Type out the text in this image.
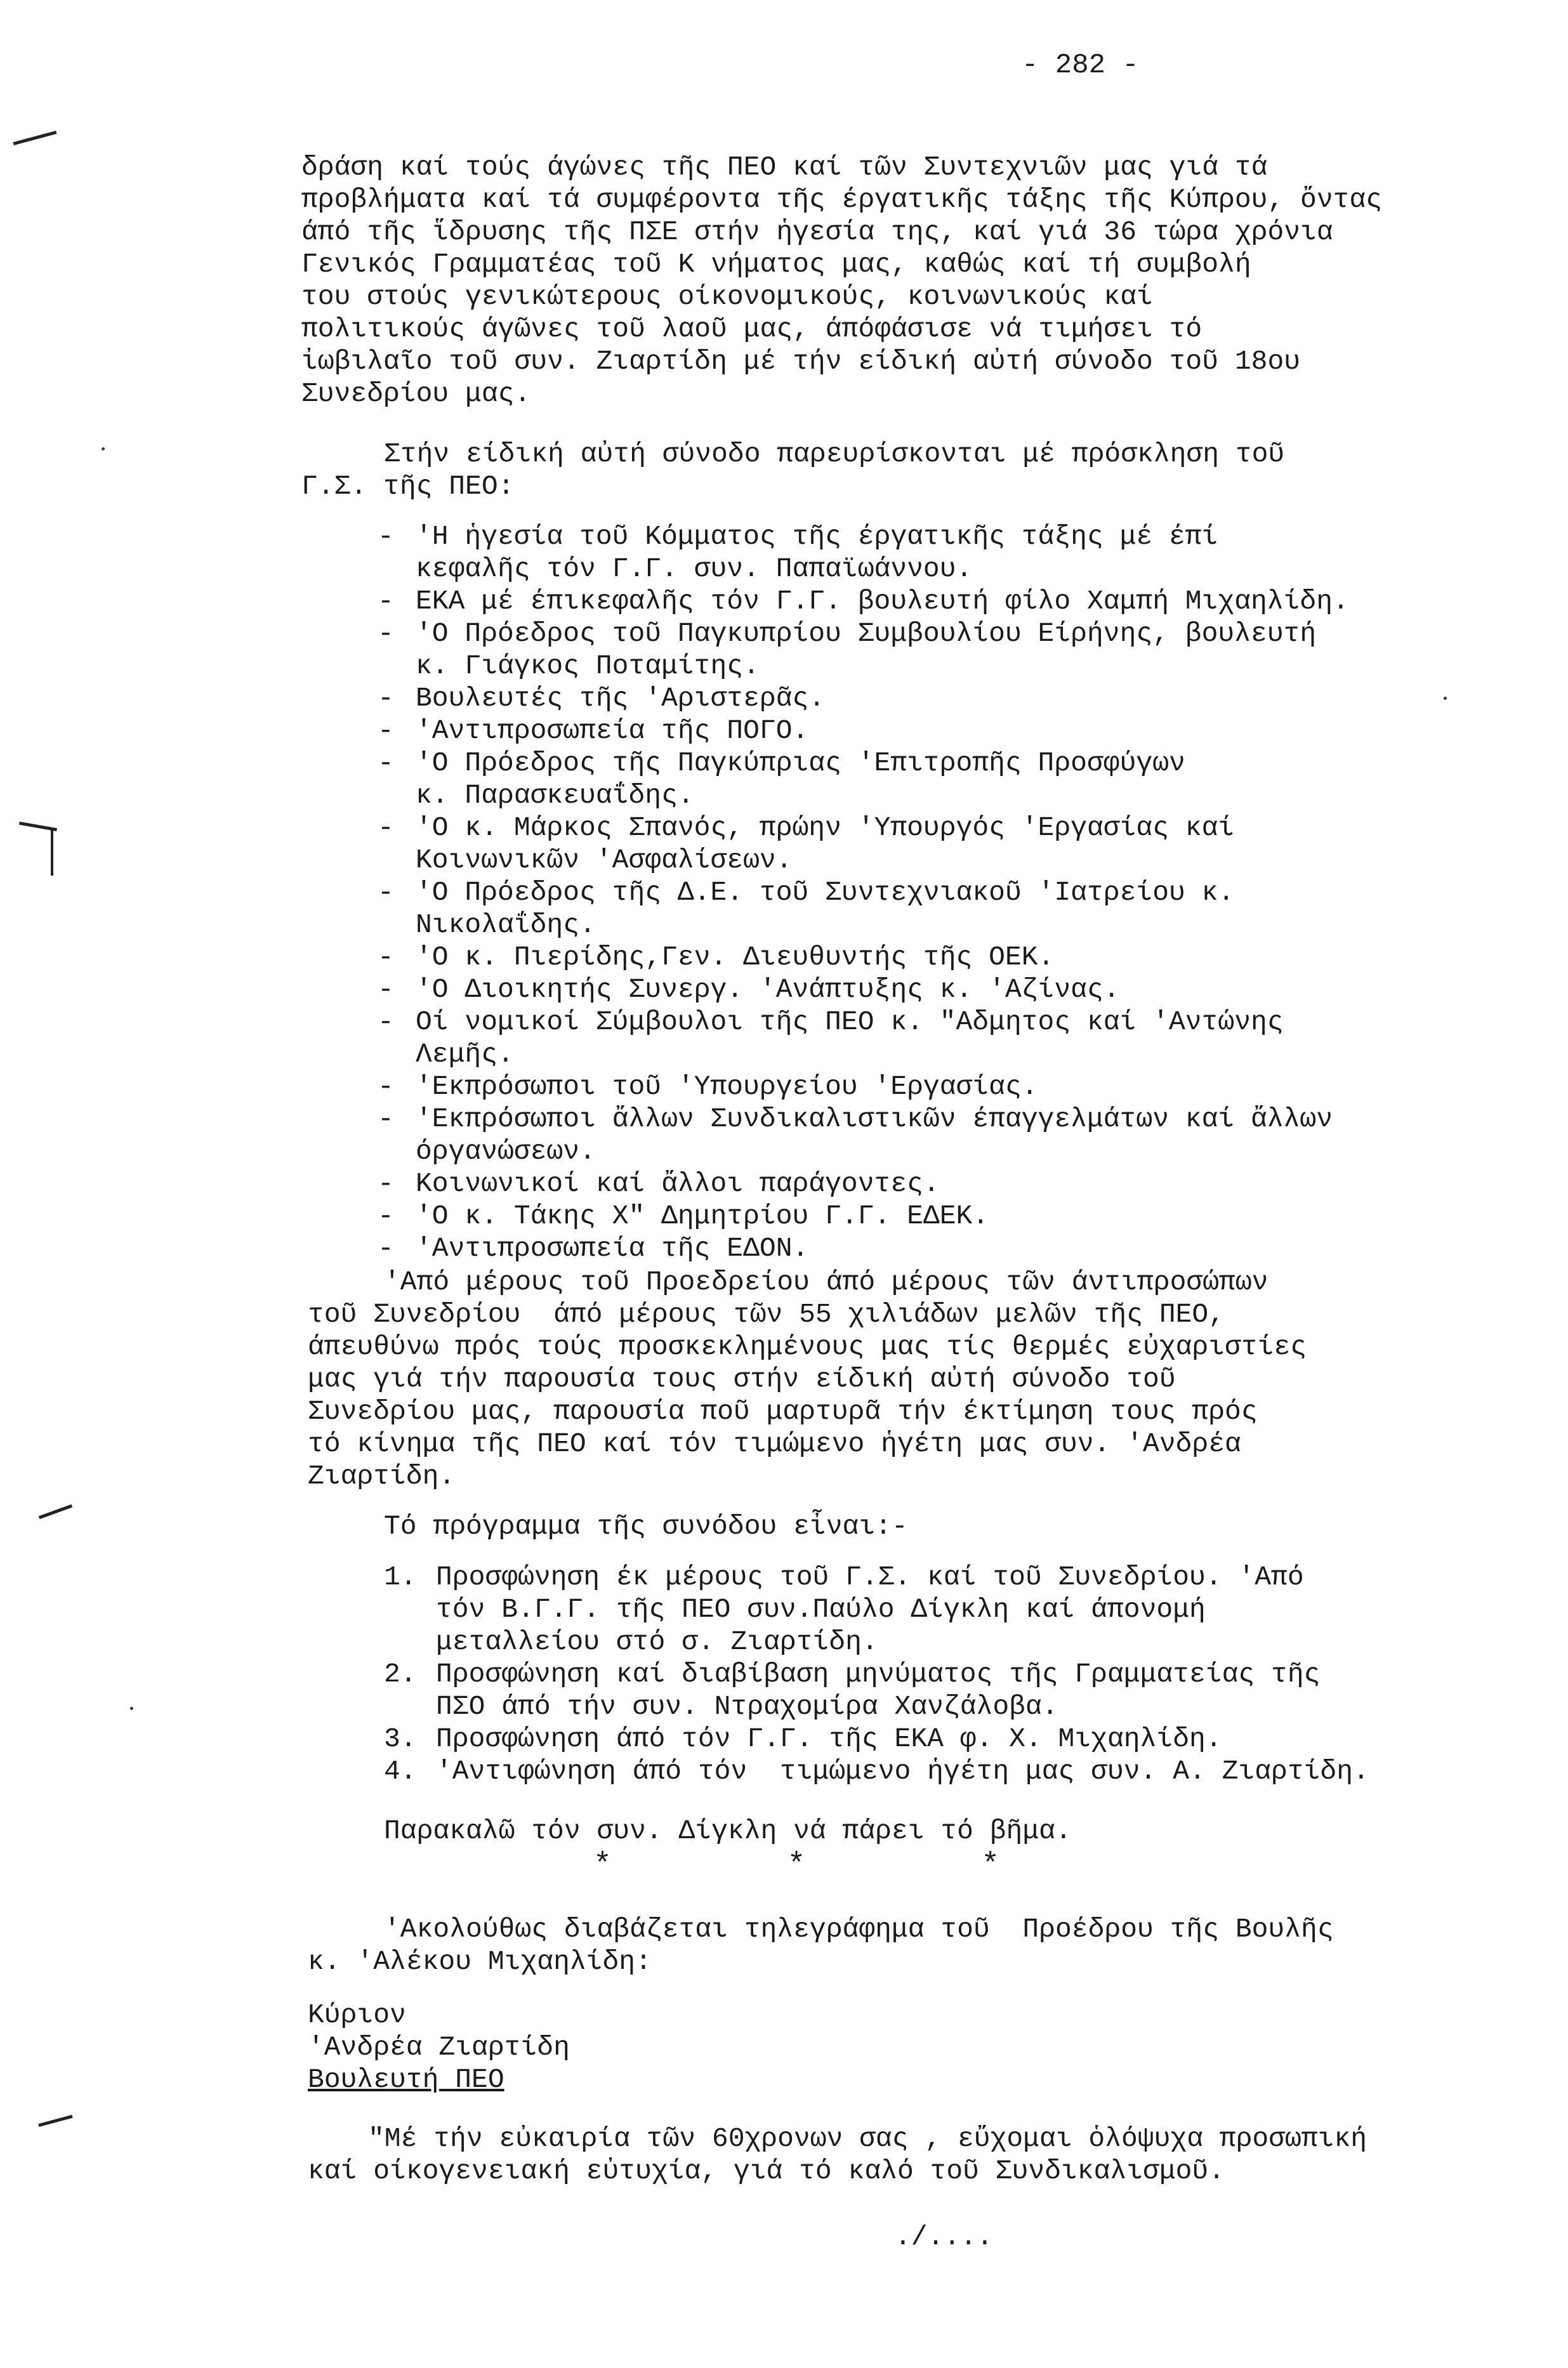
- 282 -
δράση καί τούς άγώνες τῆς ΠΕΟ καί τῶν Συντεχνιῶν μας γιά τά
προβλήματα καί τά συμφέροντα τῆς έργατικῆς τάξης τῆς Κύπρου, ὄντας
άπό τῆς ἵδρυσης τῆς ΠΣΕ στήν ἡγεσία της, καί γιά 36 τώρα χρόνια
Γενικός Γραμματέας τοῦ Κ νήματος μας, καθώς καί τή συμβολή
του στούς γενικώτερους οίκονομικούς, κοινωνικούς καί
πολιτικούς άγῶνες τοῦ λαοῦ μας, άπόφάσισε νά τιμήσει τό
ἰωβιλαῖο τοῦ συν. Ζιαρτίδη μέ τήν είδική αὐτή σύνοδο τοῦ 18ου
Συνεδρίου μας.
Στήν είδική αὐτή σύνοδο παρευρίσκονται μέ πρόσκληση τοῦ
Γ.Σ. τῆς ΠΕΟ:
- 'Η ἡγεσία τοῦ Κόμματος τῆς έργατικῆς τάξης μέ έπί
κεφαλῆς τόν Γ.Γ. συν. Παπαϊωάννου.
- ΕΚΑ μέ έπικεφαλῆς τόν Γ.Γ. βουλευτή φίλο Χαμπή Μιχαηλίδη.
- 'Ο Πρόεδρος τοῦ Παγκυπρίου Συμβουλίου Είρήνης, βουλευτή
κ. Γιάγκος Ποταμίτης.
- Βουλευτές τῆς 'Αριστερᾶς.
- 'Αντιπροσωπεία τῆς ΠΟΓΟ.
- 'Ο Πρόεδρος τῆς Παγκύπριας 'Επιτροπῆς Προσφύγων
κ. Παρασκευαΐδης.
- 'Ο κ. Μάρκος Σπανός, πρώην 'Υπουργός 'Εργασίας καί
Κοινωνικῶν 'Ασφαλίσεων.
- 'Ο Πρόεδρος τῆς Δ.Ε. τοῦ Συντεχνιακοῦ 'Ιατρείου κ.
Νικολαΐδης.
- 'Ο κ. Πιερίδης,Γεν. Διευθυντής τῆς ΟΕΚ.
- 'Ο Διοικητής Συνεργ. 'Ανάπτυξης κ. 'Αζίνας.
- Οί νομικοί Σύμβουλοι τῆς ΠΕΟ κ. "Αδμητος καί 'Αντώνης
Λεμῆς.
- 'Εκπρόσωποι τοῦ 'Υπουργείου 'Εργασίας.
- 'Εκπρόσωποι ἄλλων Συνδικαλιστικῶν έπαγγελμάτων καί ἄλλων
όργανώσεων.
- Κοινωνικοί καί ἄλλοι παράγοντες.
- 'Ο κ. Τάκης Χ" Δημητρίου Γ.Γ. ΕΔΕΚ.
- 'Αντιπροσωπεία τῆς ΕΔΟΝ.
'Από μέρους τοῦ Προεδρείου άπό μέρους τῶν άντιπροσώπων
τοῦ Συνεδρίου  άπό μέρους τῶν 55 χιλιάδων μελῶν τῆς ΠΕΟ,
άπευθύνω πρός τούς προσκεκλημένους μας τίς θερμές εὐχαριστίες
μας γιά τήν παρουσία τους στήν είδική αὐτή σύνοδο τοῦ
Συνεδρίου μας, παρουσία ποῦ μαρτυρᾶ τήν έκτίμηση τους πρός
τό κίνημα τῆς ΠΕΟ καί τόν τιμώμενο ἡγέτη μας συν. 'Ανδρέα
Ζιαρτίδη.
Τό πρόγραμμα τῆς συνόδου εἶναι:-
1. Προσφώνηση έκ μέρους τοῦ Γ.Σ. καί τοῦ Συνεδρίου. 'Από
τόν Β.Γ.Γ. τῆς ΠΕΟ συν.Παύλο Δίγκλη καί άπονομή
μεταλλείου στό σ. Ζιαρτίδη.
2. Προσφώνηση καί διαβίβαση μηνύματος τῆς Γραμματείας τῆς
ΠΣΟ άπό τήν συν. Ντραχομίρα Χανζάλοβα.
3. Προσφώνηση άπό τόν Γ.Γ. τῆς ΕΚΑ φ. Χ. Μιχαηλίδη.
4. 'Αντιφώνηση άπό τόν  τιμώμενο ἡγέτη μας συν. Α. Ζιαρτίδη.
Παρακαλῶ τόν συν. Δίγκλη νά πάρει τό βῆμα.
*	*	*
'Ακολούθως διαβάζεται τηλεγράφημα τοῦ  Προέδρου τῆς Βουλῆς
κ. 'Αλέκου Μιχαηλίδη:
Κύριον
'Ανδρέα Ζιαρτίδη
Βουλευτή ΠΕΟ
"Μέ τήν εὐκαιρία τῶν 60χρονων σας , εὔχομαι ὁλόψυχα προσωπική
καί οίκογενειακή εὐτυχία, γιά τό καλό τοῦ Συνδικαλισμοῦ.
./....
